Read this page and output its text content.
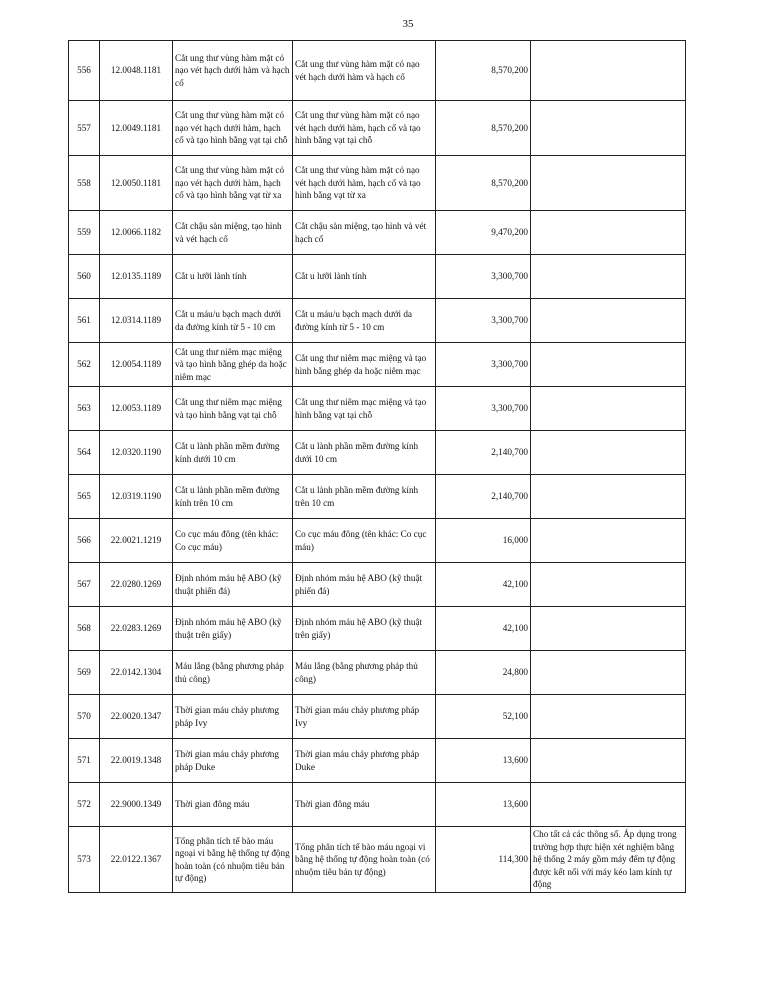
35
556	12.0048.1181	Cắt ung thư vùng hàm mặt có nạo vét hạch dưới hàm và hạch cổ	Cắt ung thư vùng hàm mặt có nạo vét hạch dưới hàm và hạch cổ	8,570,200	
557	12.0049.1181	Cắt ung thư vùng hàm mặt có nạo vét hạch dưới hàm, hạch cổ và tạo hình bằng vạt tại chỗ	Cắt ung thư vùng hàm mặt có nạo vét hạch dưới hàm, hạch cổ và tạo hình bằng vạt tại chỗ	8,570,200	
558	12.0050.1181	Cắt ung thư vùng hàm mặt có nạo vét hạch dưới hàm, hạch cổ và tạo hình bằng vạt từ xa	Cắt ung thư vùng hàm mặt có nạo vét hạch dưới hàm, hạch cổ và tạo hình bằng vạt từ xa	8,570,200	
559	12.0066.1182	Cắt chậu sàn miệng, tạo hình và vét hạch cổ	Cắt chậu sàn miệng, tạo hình và vét hạch cổ	9,470,200	
560	12.0135.1189	Cắt u lưỡi lành tính	Cắt u lưỡi lành tính	3,300,700	
561	12.0314.1189	Cắt u máu/u bạch mạch dưới da đường kính từ 5 - 10 cm	Cắt u máu/u bạch mạch dưới da đường kính từ 5 - 10 cm	3,300,700	
562	12.0054.1189	Cắt ung thư niêm mạc miệng và tạo hình bằng ghép da hoặc niêm mạc	Cắt ung thư niêm mạc miệng và tạo hình bằng ghép da hoặc niêm mạc	3,300,700	
563	12.0053.1189	Cắt ung thư niêm mạc miệng và tạo hình bằng vạt tại chỗ	Cắt ung thư niêm mạc miệng và tạo hình bằng vạt tại chỗ	3,300,700	
564	12.0320.1190	Cắt u lành phần mềm đường kính dưới 10 cm	Cắt u lành phần mềm đường kính dưới 10 cm	2,140,700	
565	12.0319.1190	Cắt u lành phần mềm đường kính trên 10 cm	Cắt u lành phần mềm đường kính trên 10 cm	2,140,700	
566	22.0021.1219	Co cục máu đông (tên khác: Co cục máu)	Co cục máu đông (tên khác: Co cục máu)	16,000	
567	22.0280.1269	Định nhóm máu hệ ABO (kỹ thuật phiến đá)	Định nhóm máu hệ ABO (kỹ thuật phiến đá)	42,100	
568	22.0283.1269	Định nhóm máu hệ ABO (kỹ thuật trên giấy)	Định nhóm máu hệ ABO (kỹ thuật trên giấy)	42,100	
569	22.0142.1304	Máu lắng (bằng phương pháp thủ công)	Máu lắng (bằng phương pháp thủ công)	24,800	
570	22.0020.1347	Thời gian máu chảy phương pháp Ivy	Thời gian máu chảy phương pháp Ivy	52,100	
571	22.0019.1348	Thời gian máu chảy phương pháp Duke	Thời gian máu chảy phương pháp Duke	13,600	
572	22.9000.1349	Thời gian đông máu	Thời gian đông máu	13,600	
573	22.0122.1367	Tổng phân tích tế bào máu ngoại vi bằng hệ thống tự động hoàn toàn (có nhuộm tiêu bản tự động)	Tổng phân tích tế bào máu ngoại vi bằng hệ thống tự động hoàn toàn (có nhuộm tiêu bản tự động)	114,300	Cho tất cả các thông số. Áp dụng trong trường hợp thực hiện xét nghiệm bằng hệ thống 2 máy gồm máy đếm tự động được kết nối với máy kéo lam kính tự động
